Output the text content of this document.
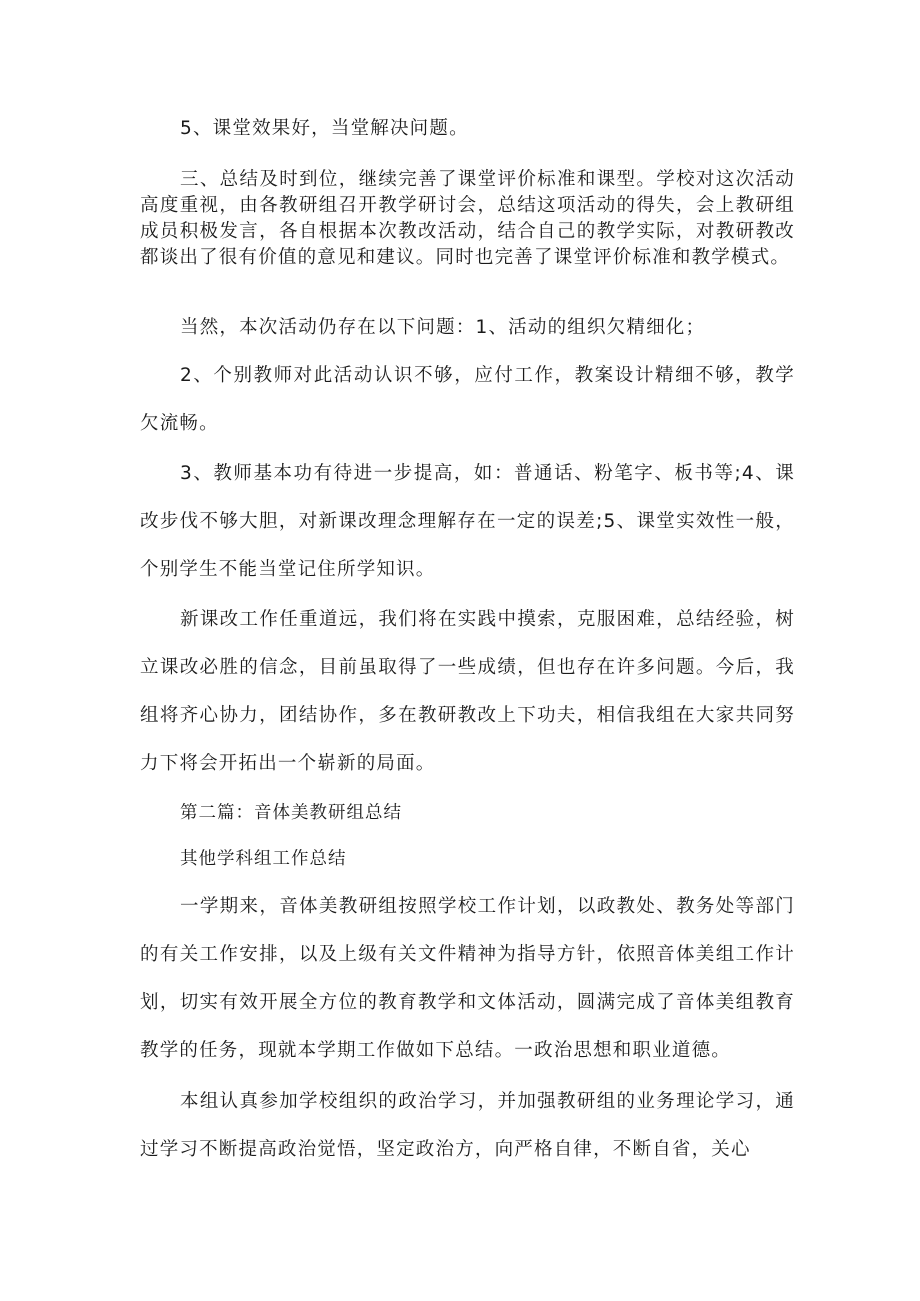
5、课堂效果好，当堂解决问题。

三、总结及时到位，继续完善了课堂评价标准和课型。学校对这次活动高度重视，由各教研组召开教学研讨会，总结这项活动的得失，会上教研组成员积极发言，各自根据本次教改活动，结合自己的教学实际，对教研教改都谈出了很有价值的意见和建议。同时也完善了课堂评价标准和教学模式。

当然，本次活动仍存在以下问题：1、活动的组织欠精细化；

2、个别教师对此活动认识不够，应付工作，教案设计精细不够，教学欠流畅。

3、教师基本功有待进一步提高，如：普通话、粉笔字、板书等;4、课改步伐不够大胆，对新课改理念理解存在一定的误差;5、课堂实效性一般，个别学生不能当堂记住所学知识。

新课改工作任重道远，我们将在实践中摸索，克服困难，总结经验，树立课改必胜的信念，目前虽取得了一些成绩，但也存在许多问题。今后，我组将齐心协力，团结协作，多在教研教改上下功夫，相信我组在大家共同努力下将会开拓出一个崭新的局面。

第二篇：音体美教研组总结

其他学科组工作总结

一学期来，音体美教研组按照学校工作计划，以政教处、教务处等部门的有关工作安排，以及上级有关文件精神为指导方针，依照音体美组工作计划，切实有效开展全方位的教育教学和文体活动，圆满完成了音体美组教育教学的任务，现就本学期工作做如下总结。一政治思想和职业道德。

本组认真参加学校组织的政治学习，并加强教研组的业务理论学习，通过学习不断提高政治觉悟，坚定政治方，向严格自律，不断自省，关心
